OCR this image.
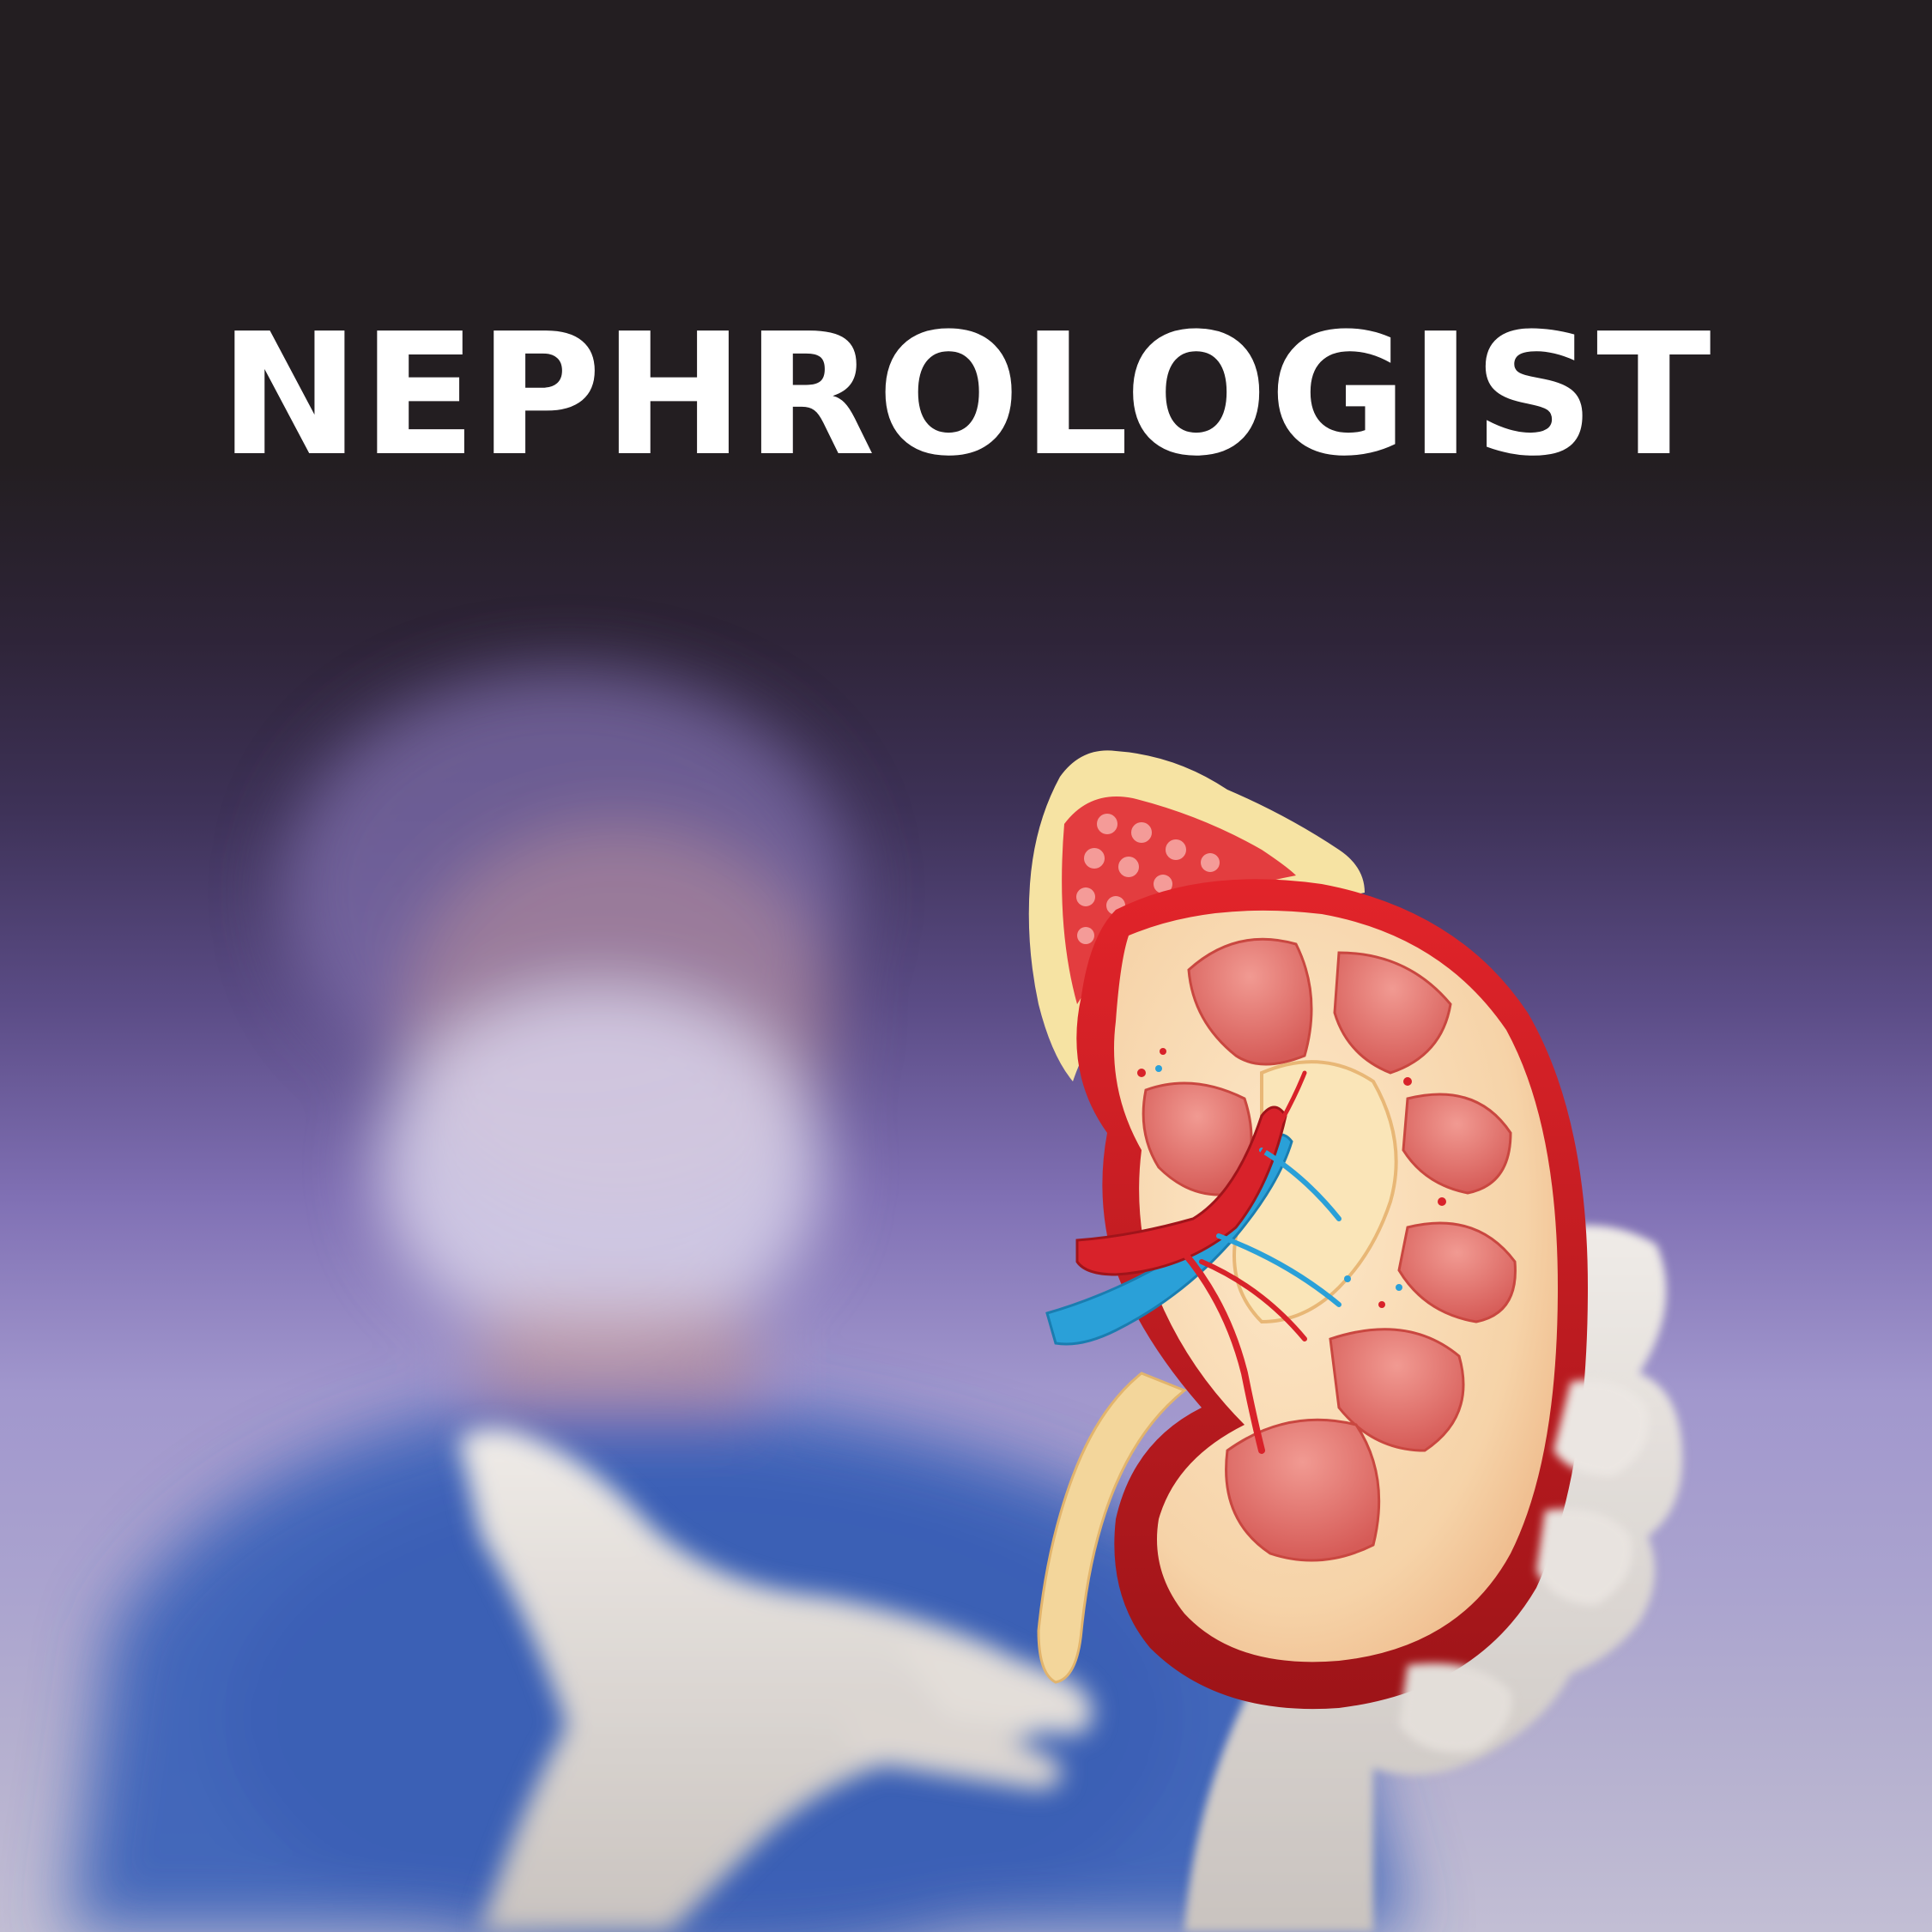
NEPHROLOGIST
